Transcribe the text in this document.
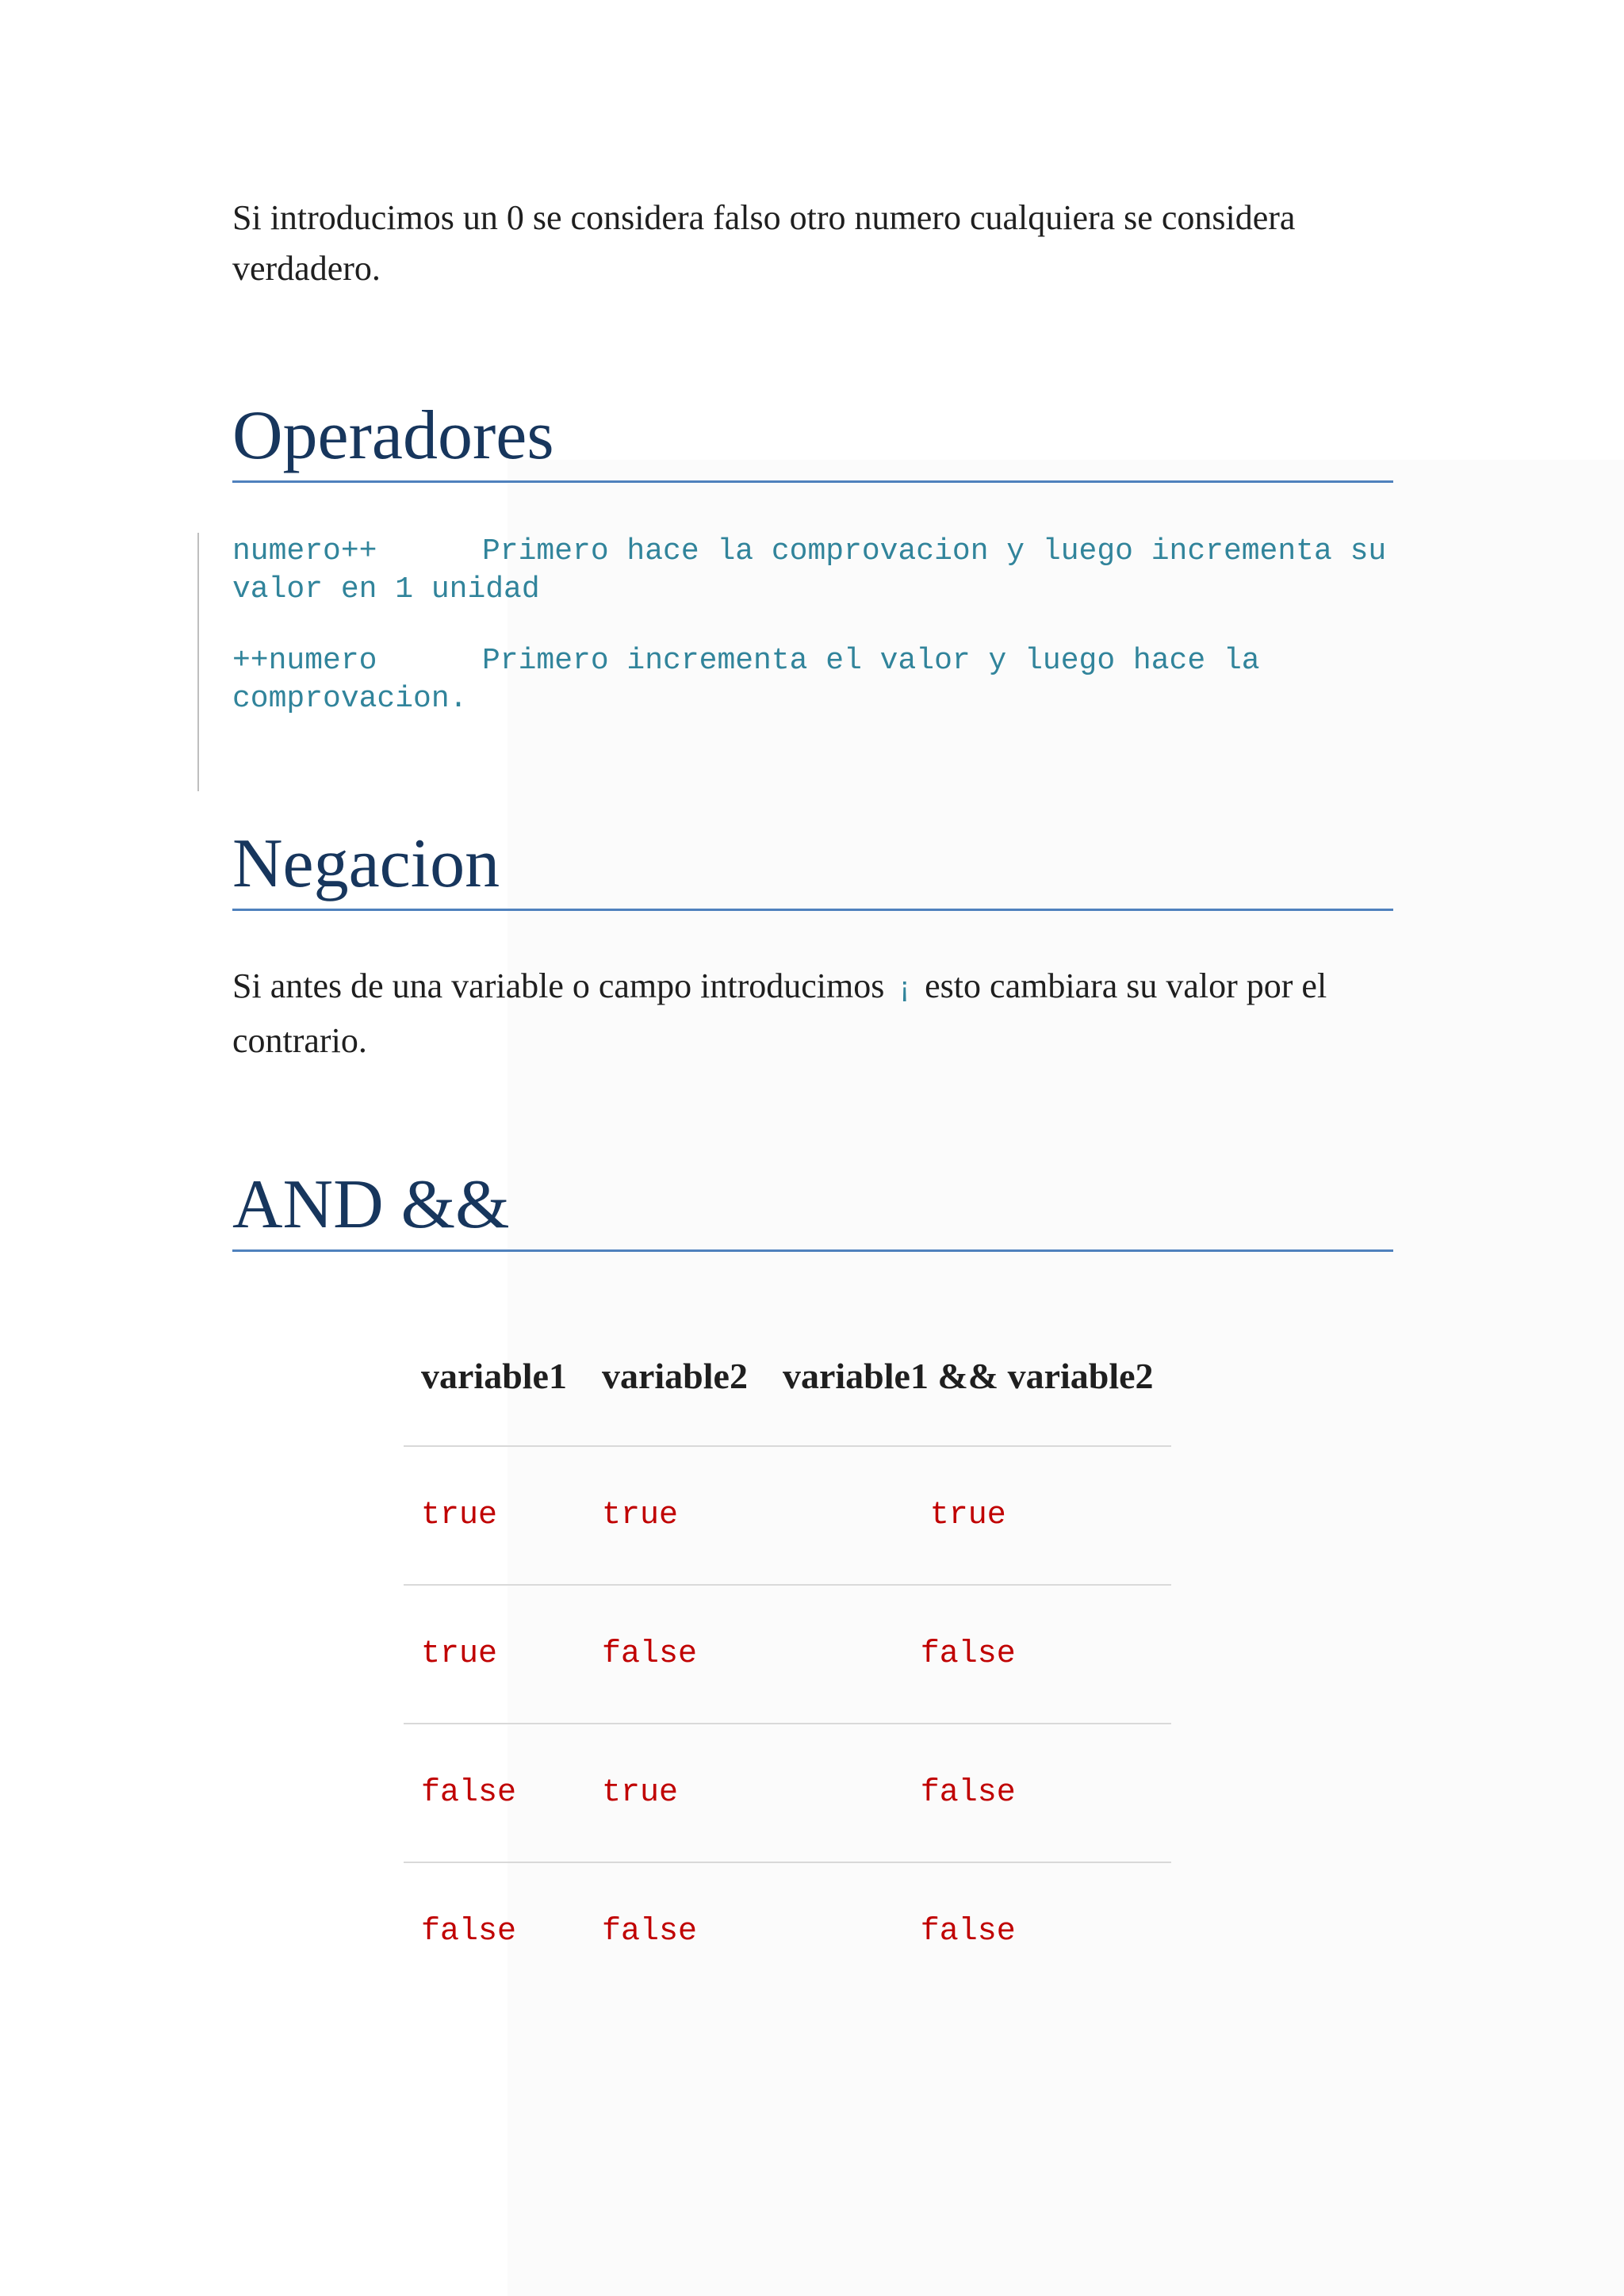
Si introducimos un 0 se considera falso otro numero cualquiera se considera verdadero.

Operadores

numero++	Primero hace la comprovacion y luego incrementa su valor en 1 unidad

++numero	Primero incrementa el valor y luego hace la comprovacion.

Negacion

Si antes de una variable o campo introducimos ¡ esto cambiara su valor por el contrario.

AND &&
variable1	variable2	variable1 && variable2
true	true	true
true	false	false
false	true	false
false	false	false
